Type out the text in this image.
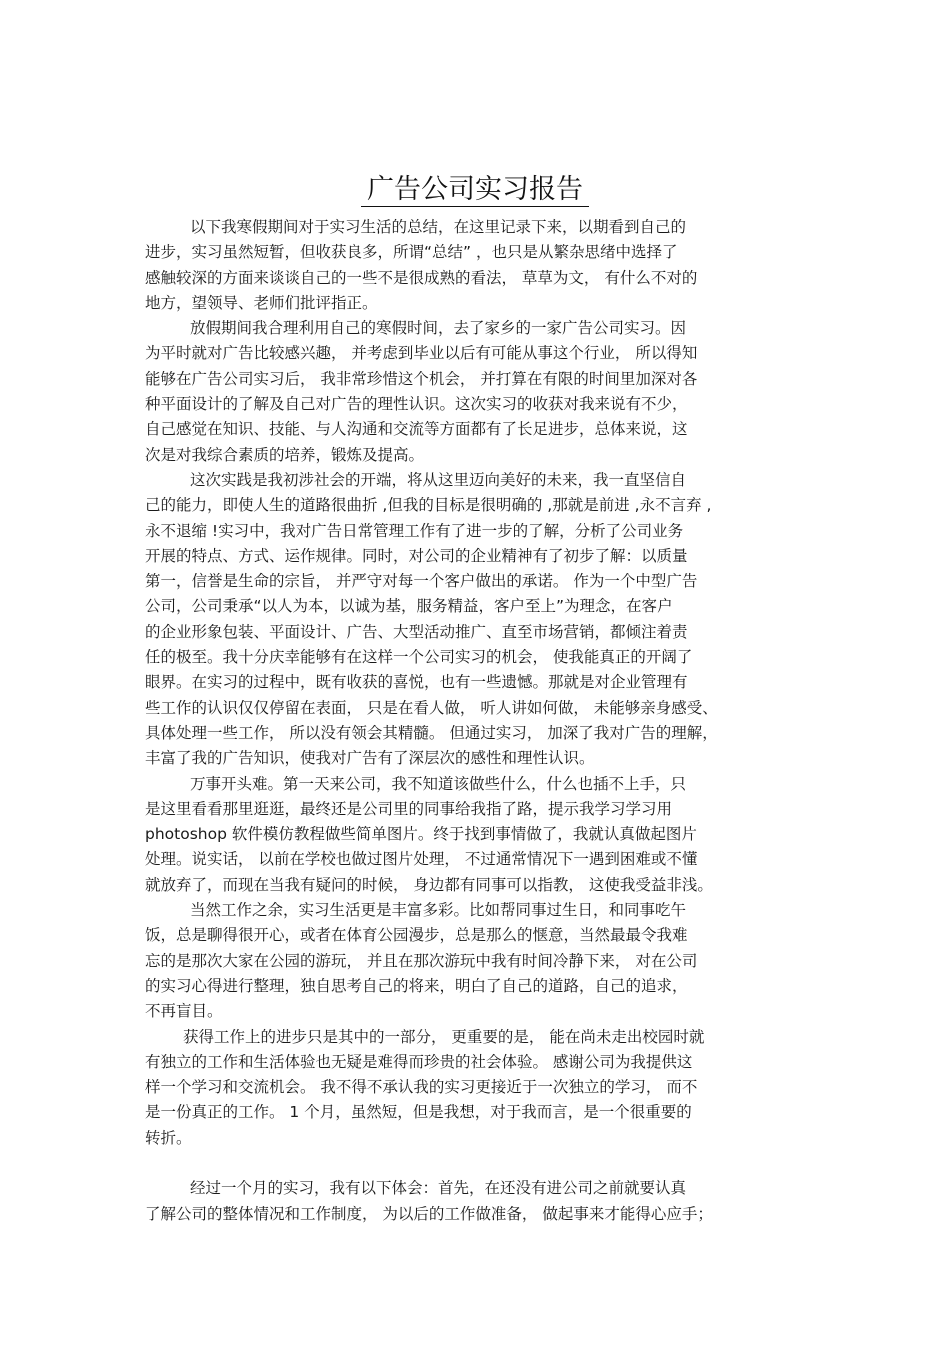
广告公司实习报告
以下我寒假期间对于实习生活的总结，在这里记录下来，以期看到自己的
进步，实习虽然短暂，但收获良多，所谓“总结” ，也只是从繁杂思绪中选择了
感触较深的方面来谈谈自己的一些不是很成熟的看法， 草草为文， 有什么不对的
地方，望领导、老师们批评指正。
放假期间我合理利用自己的寒假时间，去了家乡的一家广告公司实习。因
为平时就对广告比较感兴趣， 并考虑到毕业以后有可能从事这个行业， 所以得知
能够在广告公司实习后， 我非常珍惜这个机会， 并打算在有限的时间里加深对各
种平面设计的了解及自己对广告的理性认识。这次实习的收获对我来说有不少，
自己感觉在知识、技能、与人沟通和交流等方面都有了长足进步，总体来说，这
次是对我综合素质的培养，锻炼及提高。
这次实践是我初涉社会的开端，将从这里迈向美好的未来，我一直坚信自
己的能力，即使人生的道路很曲折 ,但我的目标是很明确的 ,那就是前进 ,永不言弃 ,
永不退缩 !实习中，我对广告日常管理工作有了进一步的了解，分析了公司业务
开展的特点、方式、运作规律。同时，对公司的企业精神有了初步了解：以质量
第一，信誉是生命的宗旨， 并严守对每一个客户做出的承诺。 作为一个中型广告
公司，公司秉承“以人为本，以诚为基，服务精益，客户至上”为理念，在客户
的企业形象包装、平面设计、广告、大型活动推广、直至市场营销，都倾注着责
任的极至。我十分庆幸能够有在这样一个公司实习的机会， 使我能真正的开阔了
眼界。在实习的过程中，既有收获的喜悦，也有一些遗憾。那就是对企业管理有
些工作的认识仅仅停留在表面， 只是在看人做， 听人讲如何做， 未能够亲身感受、
具体处理一些工作， 所以没有领会其精髓。 但通过实习， 加深了我对广告的理解，
丰富了我的广告知识，使我对广告有了深层次的感性和理性认识。
万事开头难。第一天来公司，我不知道该做些什么，什么也插不上手，只
是这里看看那里逛逛，最终还是公司里的同事给我指了路，提示我学习学习用
photoshop 软件模仿教程做些简单图片。终于找到事情做了，我就认真做起图片
处理。说实话， 以前在学校也做过图片处理， 不过通常情况下一遇到困难或不懂
就放弃了，而现在当我有疑问的时候， 身边都有同事可以指教， 这使我受益非浅。
当然工作之余，实习生活更是丰富多彩。比如帮同事过生日，和同事吃午
饭，总是聊得很开心，或者在体育公园漫步，总是那么的惬意，当然最最令我难
忘的是那次大家在公园的游玩， 并且在那次游玩中我有时间冷静下来， 对在公司
的实习心得进行整理，独自思考自己的将来，明白了自己的道路，自己的追求，
不再盲目。
获得工作上的进步只是其中的一部分， 更重要的是， 能在尚未走出校园时就
有独立的工作和生活体验也无疑是难得而珍贵的社会体验。 感谢公司为我提供这
样一个学习和交流机会。 我不得不承认我的实习更接近于一次独立的学习， 而不
是一份真正的工作。 1 个月，虽然短，但是我想，对于我而言，是一个很重要的
转折。
经过一个月的实习，我有以下体会：首先，在还没有进公司之前就要认真
了解公司的整体情况和工作制度， 为以后的工作做准备， 做起事来才能得心应手；
